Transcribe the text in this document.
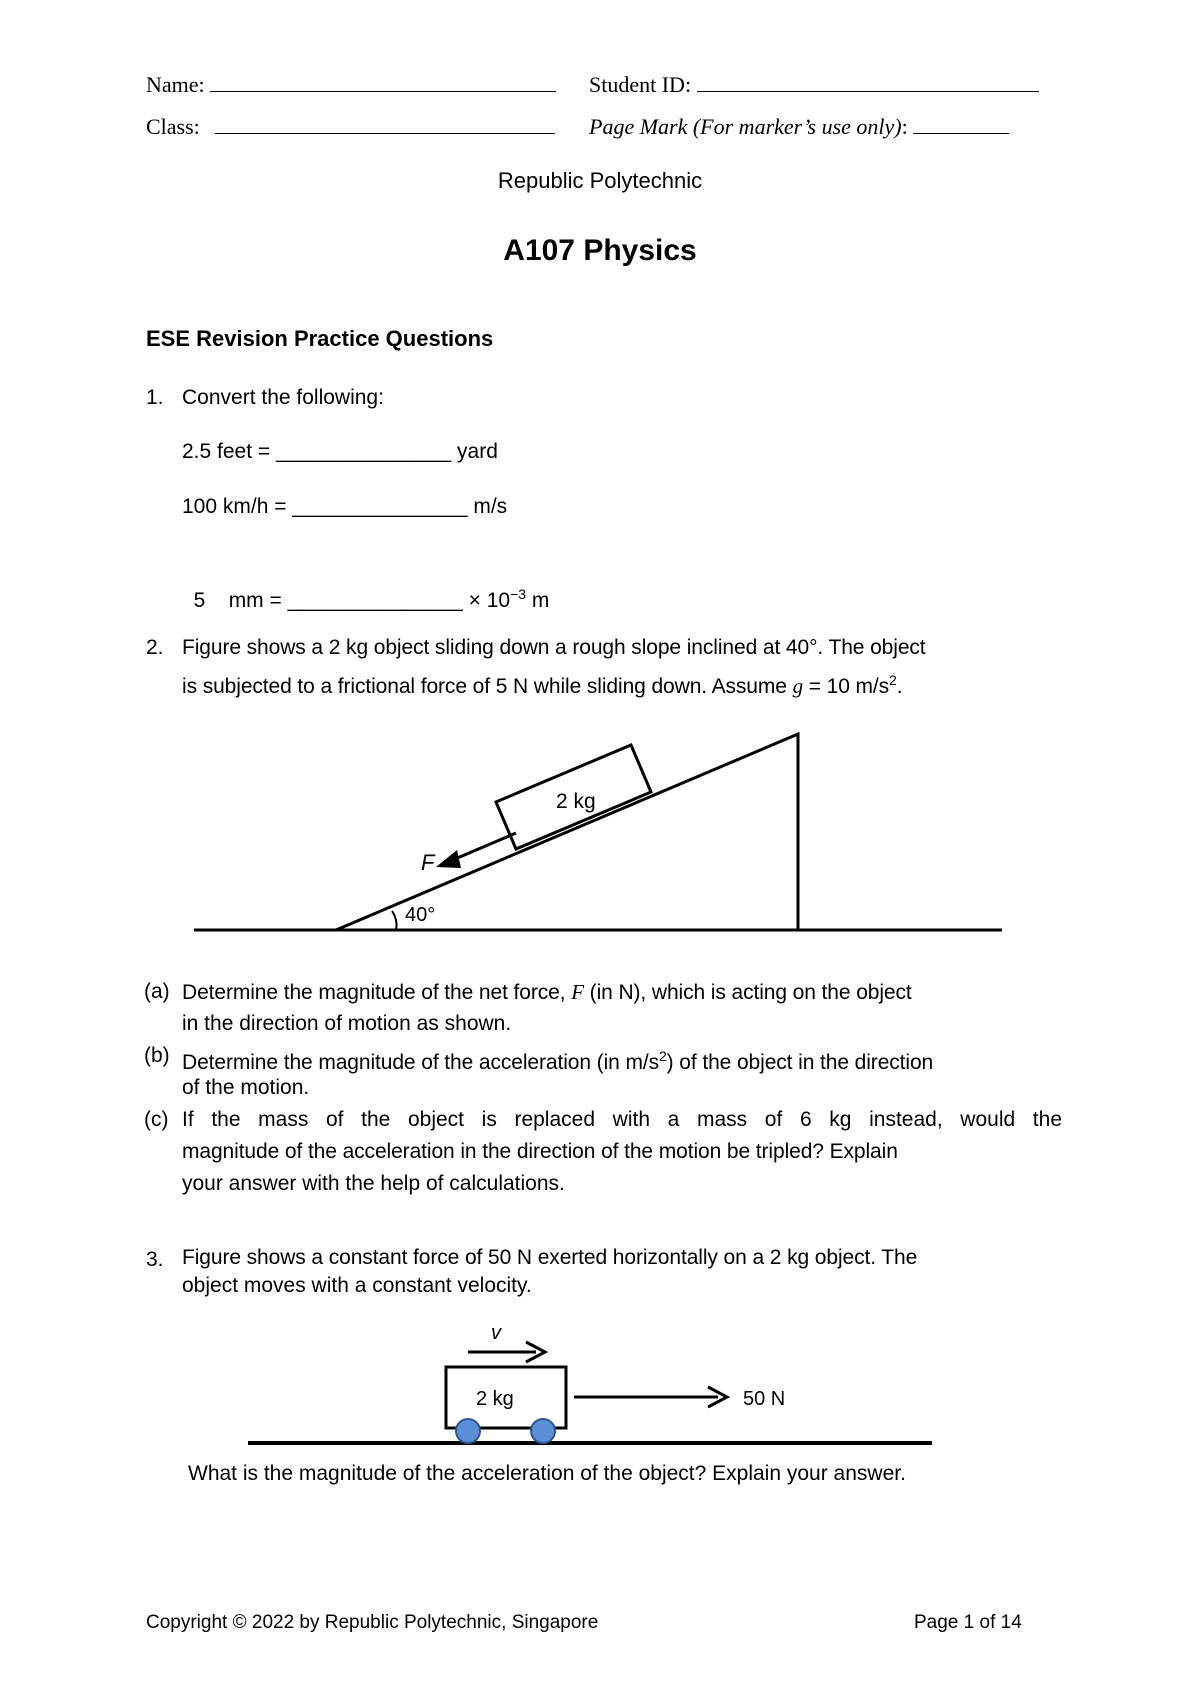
Name:	Student ID:
Class:	Page Mark (For marker’s use only):
Republic Polytechnic
A107 Physics
ESE Revision Practice Questions
1. Convert the following:
2.5 feet = _______________ yard
100 km/h = _______________ m/s

5    mm = _______________ × $10^{-3}$ m

2. Figure shows a 2 kg object sliding down a rough slope inclined at 40°. The object
is subjected to a frictional force of 5 N while sliding down. Assume g = 10 $m/s^2$.
2 kg
F
40°
(a) Determine the magnitude of the net force, F (in N), which is acting on the object
in the direction of motion as shown.
(b) Determine the magnitude of the acceleration (in $m/s^2$) of the object in the direction
of the motion.
(c) If the mass of the object is replaced with a mass of 6 kg instead, would the
magnitude of the acceleration in the direction of the motion be tripled? Explain
your answer with the help of calculations.
3. Figure shows a constant force of 50 N exerted horizontally on a 2 kg object. The
object moves with a constant velocity.
v
2 kg	50 N
What is the magnitude of the acceleration of the object? Explain your answer.
Copyright © 2022 by Republic Polytechnic, Singapore	Page 1 of 14
